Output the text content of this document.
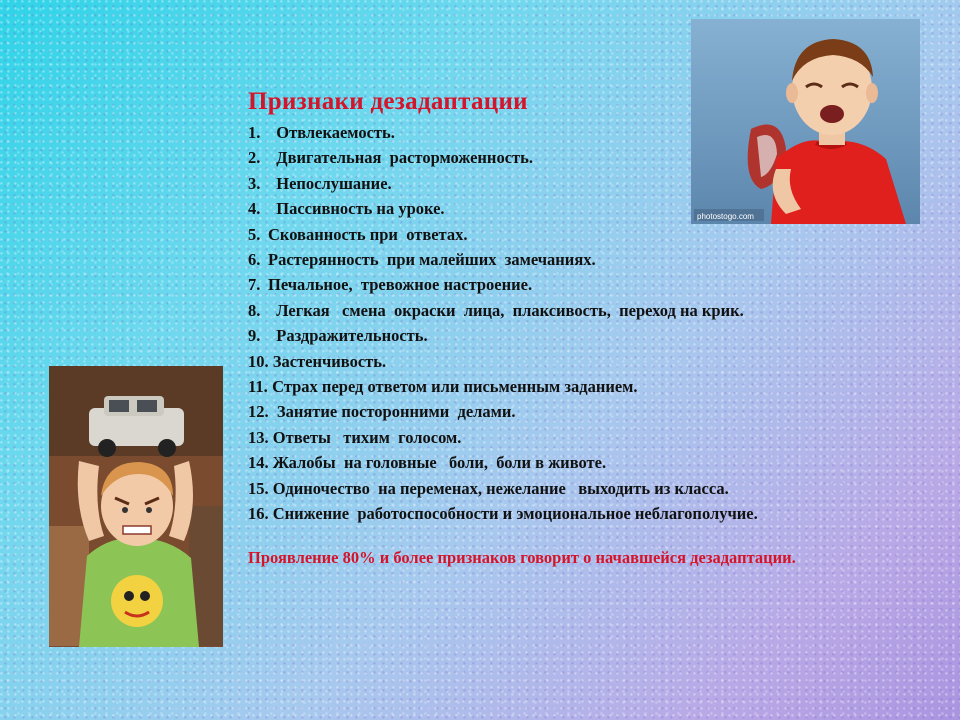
photostogo.com
Признаки дезадаптации
1.  Отвлекаемость.
2.  Двигательная  расторможенность.
3.  Непослушание.
4.  Пассивность на уроке.
5. Скованность при  ответах.
6. Растерянность  при малейших  замечаниях.
7. Печальное,  тревожное настроение.
8.  Легкая   смена  окраски  лица,  плаксивость,  переход на крик.
9.  Раздражительность.
10. Застенчивость.
11. Страх перед ответом или письменным заданием.
12.  Занятие посторонними  делами.
13. Ответы   тихим  голосом.
14. Жалобы  на головные   боли,  боли в животе.
15. Одиночество  на переменах, нежелание   выходить из класса.
16. Снижение  работоспособности и эмоциональное неблагополучие.

Проявление 80% и более признаков говорит о начавшейся дезадаптации.
